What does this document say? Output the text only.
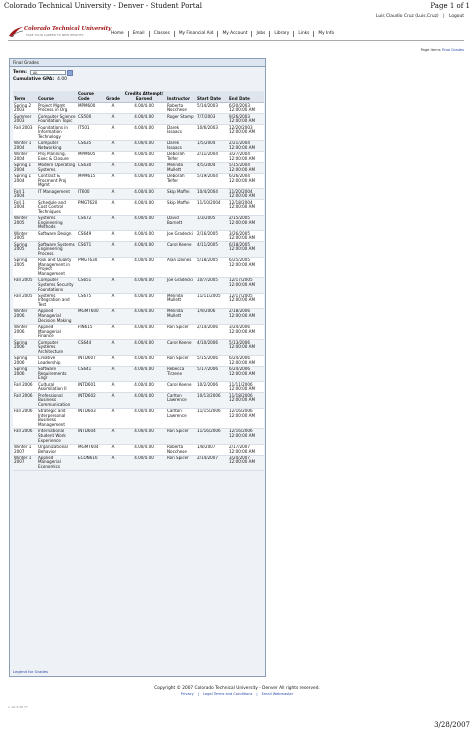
Colorado Technical University - Denver - Student Portal	Page 1 of 1
Luis Claudio Cruz (Luis.Cruz) | Logout
Colorado Technical University
TAKE YOUR CAREER TO NEW HEIGHTS	Home	Email	Classes	My Financial Aid	My Account	Jobs	Library	Links	My Info
Page Items Final Grades
Final Grades
Term:	All
Cumulative GPA: 4.00
Term	Course	Course Code	Grade	Credits Attempt/ Earned	Instructor	Start Date	End Date
Spring 2 2003	Project Mgmt Process in Org	MPM600	A	4.00/4.00	Roberta Nocchese	5/14/2003	6/20/2003 12:00:00 AM
Summer 2003	Computer Science Foundation Topic	CS500	A	4.00/4.00	Roger Stamp	7/7/2003	9/26/2003 12:00:00 AM
Fall 2003	Foundations in Information Technology	IT501	A	4.00/4.00	Darek Issaacs	10/6/2003	12/20/2003 12:00:00 AM
Winter 1 2004	Computer Networking	CS635	A	4.00/4.00	Darek Issaacs	1/5/2004	2/21/2004 12:00:00 AM
Winter 2004	Proj Planning, Exec & Closure	MPM605	A	4.00/4.00	Deborah Telfer	2/11/2004	3/27/2004 12:00:00 AM
Spring 1 2004	Modern Operating Systems	CS630	A	4.00/4.00	Melinda Mullett	4/5/2004	5/15/2004 12:00:00 AM
Spring 1 2004	Contract & Procment Proj Mgmt	MPM615	A	4.00/4.00	Deborah Telfer	5/19/2004	6/26/2004 12:00:00 AM
Fall 1 2004	IT Management	IT600	A	4.00/4.00	Skip Maffei	10/4/2004	11/20/2004 12:00:00 AM
Fall 1 2004	Schedule and Cost Control Techniques	PMGT620	A	4.00/4.00	Skip Maffei	11/10/2004	12/18/2004 12:00:00 AM
Winter 2005	Systems Engineering Methods	CS672	A	4.00/4.00	David Barnett	1/3/2005	2/15/2005 12:00:00 AM
Winter 2005	Software Design	CS649	A	4.00/4.00	Joe Gradecki	2/16/2005	3/26/2005 12:00:00 AM
Spring 2005	Software Systems Engineering Process	CS671	A	4.00/4.00	Carol Keene	4/11/2005	6/18/2005 12:00:00 AM
Spring 2005	Risk and Quality Management in Project Management	PMGT630	A	4.00/4.00	Alan Daines	5/18/2005	6/25/2005 12:00:00 AM
Fall 2005	Computer Systems Security Foundations	CS651	A	4.00/4.00	Joe Gradecki	10/7/2005	12/17/2005 12:00:00 AM
Fall 2005	Systems Integration and Test	CS675	A	4.00/4.00	Melinda Mullett	11/11/2005	12/17/2005 12:00:00 AM
Winter 2006	Applied Managerial Decision Making	MGMT600	A	4.00/4.00	Melinda Mullett	1/9/2006	2/18/2006 12:00:00 AM
Winter 2006	Applied Managerial Finance	FIN615	A	4.00/4.00	Ron Spicer	2/14/2006	3/24/2006 12:00:00 AM
Spring 2006	Computer Systems Architecture	CS644	A	4.00/4.00	Carol Keene	4/10/2006	5/13/2006 12:00:00 AM
Spring 2006	Creative Leadership	INTD607	A	4.00/4.00	Ron Spicer	5/15/2006	6/24/2006 12:00:00 AM
Spring 2006	Software Requirements Engr	CS641	A	4.00/4.00	Rebecca Tirzene	5/17/2006	6/24/2006 12:00:00 AM
Fall 2006	Cultural Assimilation II	INTD601	A	4.00/4.00	Carol Keene	10/2/2006	11/11/2006 12:00:00 AM
Fall 2006	Professional Business Communication	INTD602	A	4.00/4.00	Carlton Lawrence	10/13/2006	11/18/2006 12:00:00 AM
Fall 2006	Strategic and Interpersonal Business Management	INTD603	A	4.00/4.00	Carlton Lawrence	11/15/2006	12/16/2006 12:00:00 AM
Fall 2006	International Student Work Experience	INTD604	A	4.00/4.00	Ron Spicer	11/16/2006	12/16/2006 12:00:00 AM
Winter 1 2007	Organizational Behavior	MGMT604	A	4.00/4.00	Roberta Nocchese	1/8/2007	2/17/2007 12:00:00 AM
Winter 1 2007	Applied Managerial Economics	ECON616	A	4.00/4.00	Ron Spicer	2/14/2007	3/24/2007 12:00:00 AM
Legend for Grades
Copyright © 2007 Colorado Technical University - Denver All rights reserved.
Privacy | Legal Terms and Conditions | Email Webmaster
v. 10.3.36.77
3/28/2007
